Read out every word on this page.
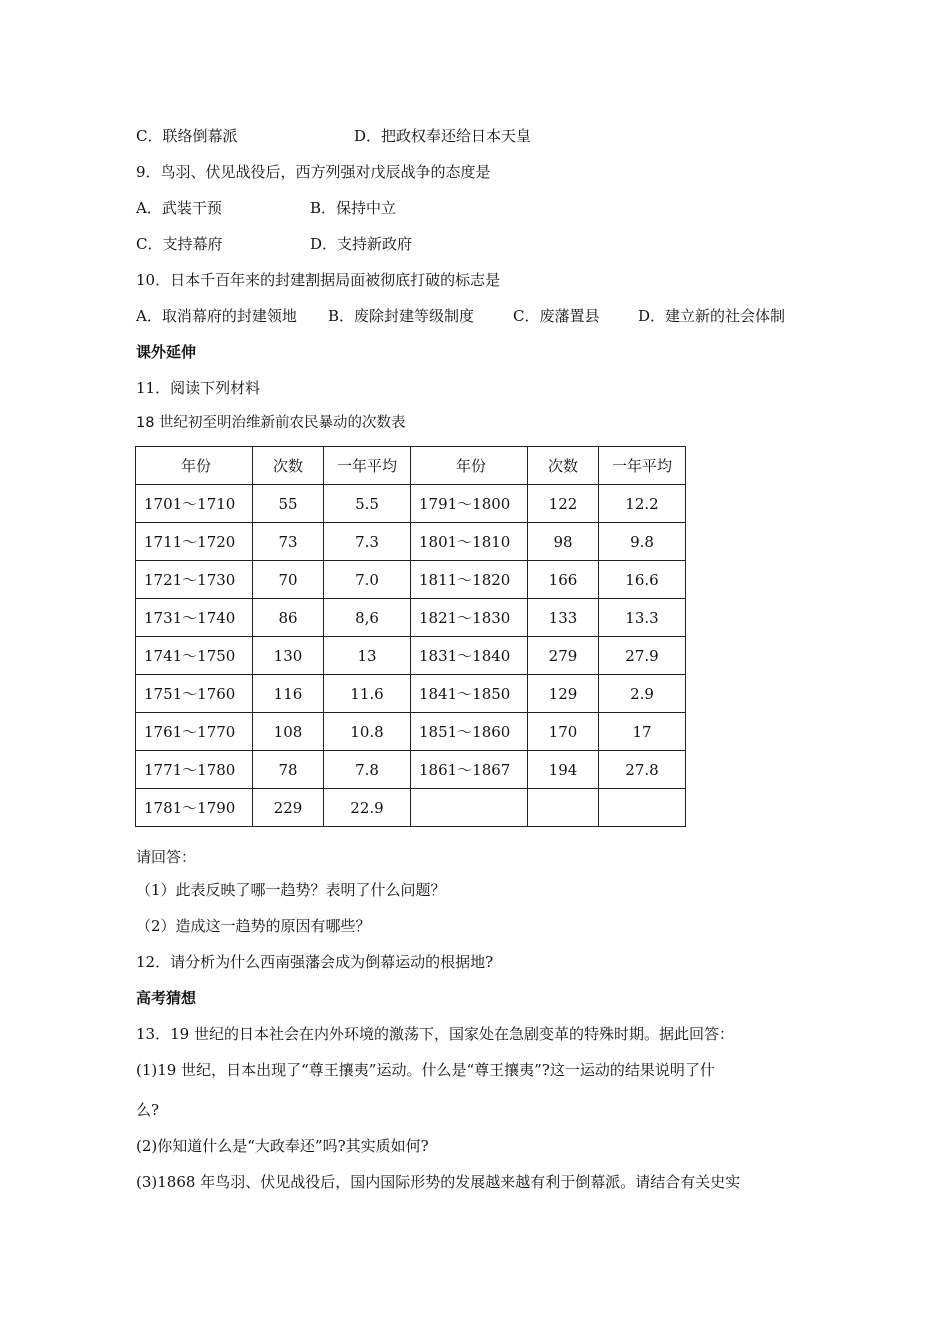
C．联络倒幕派	D．把政权奉还给日本天皇
9．鸟羽、伏见战役后，西方列强对戊辰战争的态度是
A．武装干预	B．保持中立
C．支持幕府	D．支持新政府
10．日本千百年来的封建割据局面被彻底打破的标志是
A．取消幕府的封建领地 B．废除封建等级制度	C．废藩置县	D．建立新的社会体制
课外延伸
11．阅读下列材料
18 世纪初至明治维新前农民暴动的次数表
年份	次数	一年平均	年份	次数	一年平均
1701～1710	55	5.5	1791～1800	122	12.2
1711～1720	73	7.3	1801～1810	98	9.8
1721～1730	70	7.0	1811～1820	166	16.6
1731～1740	86	8,6	1821～1830	133	13.3
1741～1750	130	13	1831～1840	279	27.9
1751～1760	116	11.6	1841～1850	129	2.9
1761～1770	108	10.8	1851～1860	170	17
1771～1780	78	7.8	1861～1867	194	27.8
1781～1790	229	22.9			
请回答：
（1）此表反映了哪一趋势？表明了什么问题？
（2）造成这一趋势的原因有哪些？
12．请分析为什么西南强藩会成为倒幕运动的根据地?
高考猜想
13．19 世纪的日本社会在内外环境的激荡下，国家处在急剧变革的特殊时期。据此回答：
(1)19 世纪，日本出现了“尊王攘夷”运动。什么是“尊王攘夷”?这一运动的结果说明了什
么?
(2)你知道什么是“大政奉还”吗?其实质如何?
(3)1868 年鸟羽、伏见战役后，国内国际形势的发展越来越有利于倒幕派。请结合有关史实
